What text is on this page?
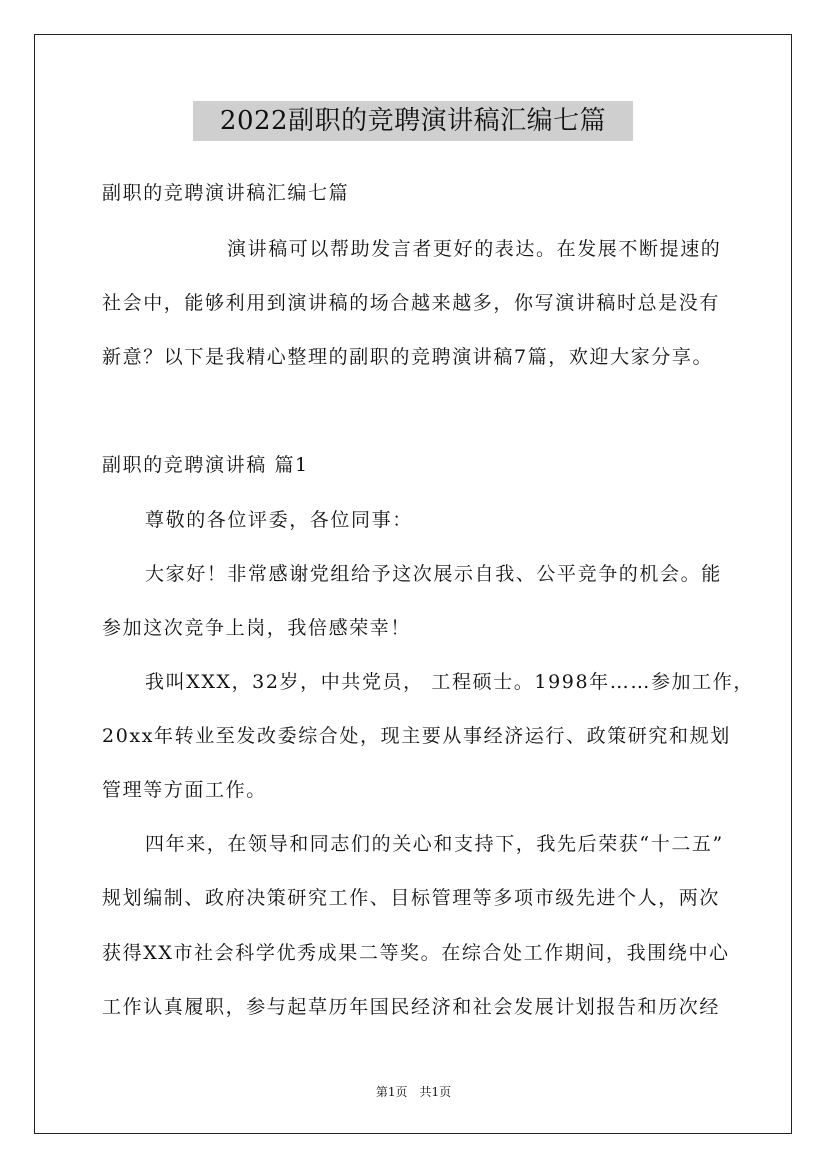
2022副职的竞聘演讲稿汇编七篇
副职的竞聘演讲稿汇编七篇
演讲稿可以帮助发言者更好的表达。在发展不断提速的
社会中，能够利用到演讲稿的场合越来越多，你写演讲稿时总是没有
新意？以下是我精心整理的副职的竞聘演讲稿7篇，欢迎大家分享。
副职的竞聘演讲稿 篇1
尊敬的各位评委，各位同事：
大家好！非常感谢党组给予这次展示自我、公平竞争的机会。能
参加这次竞争上岗，我倍感荣幸！
我叫XXX，32岁，中共党员， 工程硕士。1998年……参加工作，
20xx年转业至发改委综合处，现主要从事经济运行、政策研究和规划
管理等方面工作。
四年来，在领导和同志们的关心和支持下，我先后荣获“十二五”
规划编制、政府决策研究工作、目标管理等多项市级先进个人，两次
获得XX市社会科学优秀成果二等奖。在综合处工作期间，我围绕中心
工作认真履职，参与起草历年国民经济和社会发展计划报告和历次经
第1页　共1页
